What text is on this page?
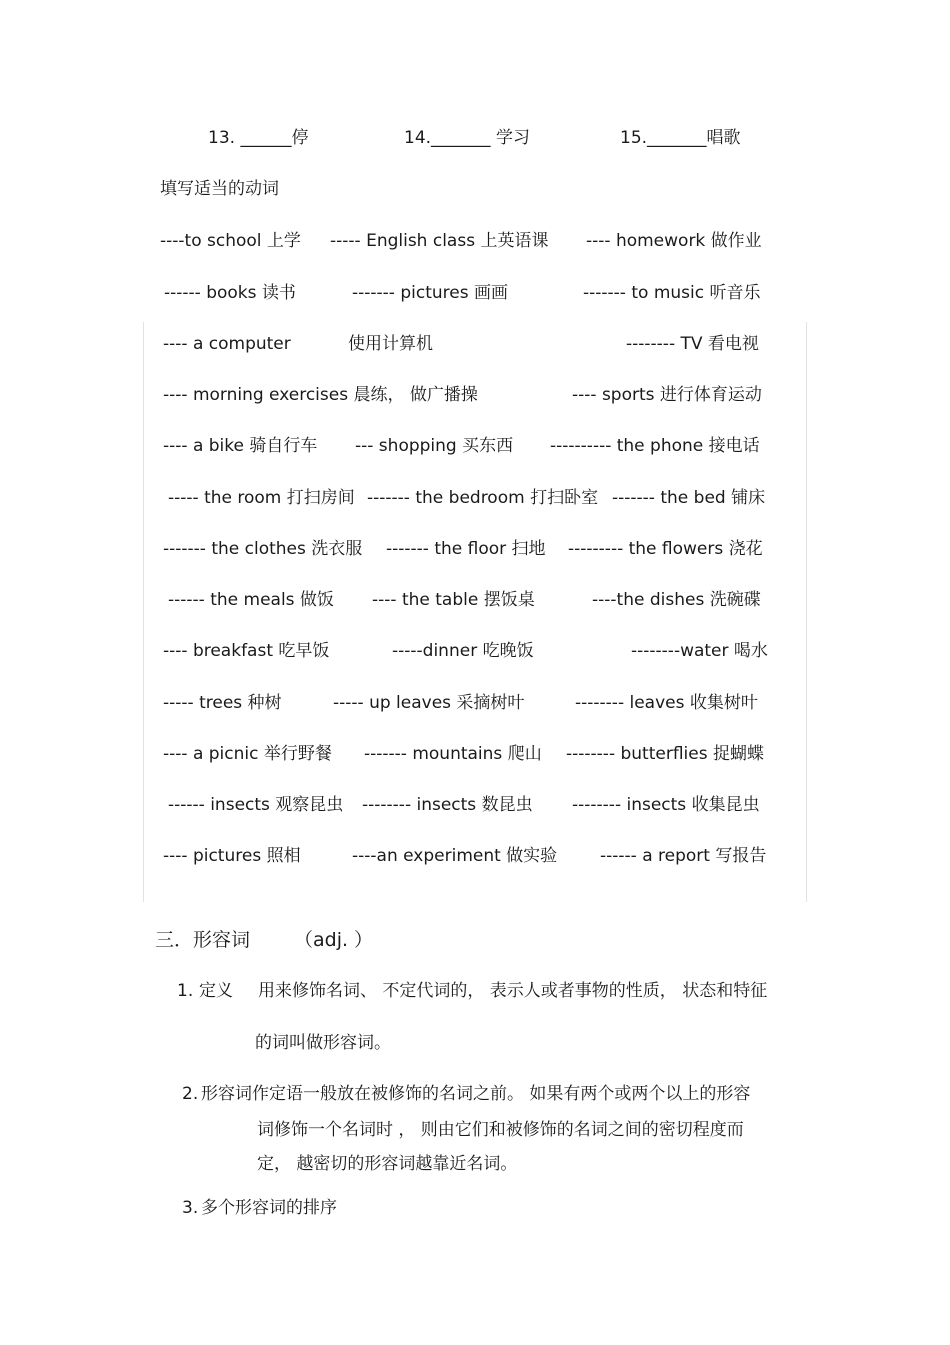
13. ______停	14._______ 学习	15._______唱歌
填写适当的动词
----to school 上学 ----- English class 上英语课 ---- homework 做作业
------ books 读书	------- pictures 画画	------- to music 听音乐
---- a computer	使用计算机	-------- TV 看电视
---- morning exercises 晨练， 做广播操	---- sports 进行体育运动
---- a bike 骑自行车 --- shopping 买东西 ---------- the phone 接电话
----- the room 打扫房间 ------- the bedroom 打扫卧室 ------- the bed 铺床
------- the clothes 洗衣服 ------- the floor 扫地 --------- the flowers 浇花
------ the meals 做饭 ---- the table 摆饭桌	----the dishes 洗碗碟
---- breakfast 吃早饭	-----dinner 吃晚饭	--------water 喝水
----- trees 种树	----- up leaves 采摘树叶	-------- leaves 收集树叶
---- a picnic 举行野餐 ------- mountains 爬山 -------- butterflies 捉蝴蝶
------ insects 观察昆虫 -------- insects 数昆虫 -------- insects 收集昆虫
---- pictures 照相	----an experiment 做实验	------ a report 写报告
三．形容词 （adj. ）
1. 定义 用来修饰名词、 不定代词的， 表示人或者事物的性质， 状态和特征
的词叫做形容词。
2. 形容词作定语一般放在被修饰的名词之前。 如果有两个或两个以上的形容
词修饰一个名词时 ， 则由它们和被修饰的名词之间的密切程度而
定， 越密切的形容词越靠近名词。
3. 多个形容词的排序
